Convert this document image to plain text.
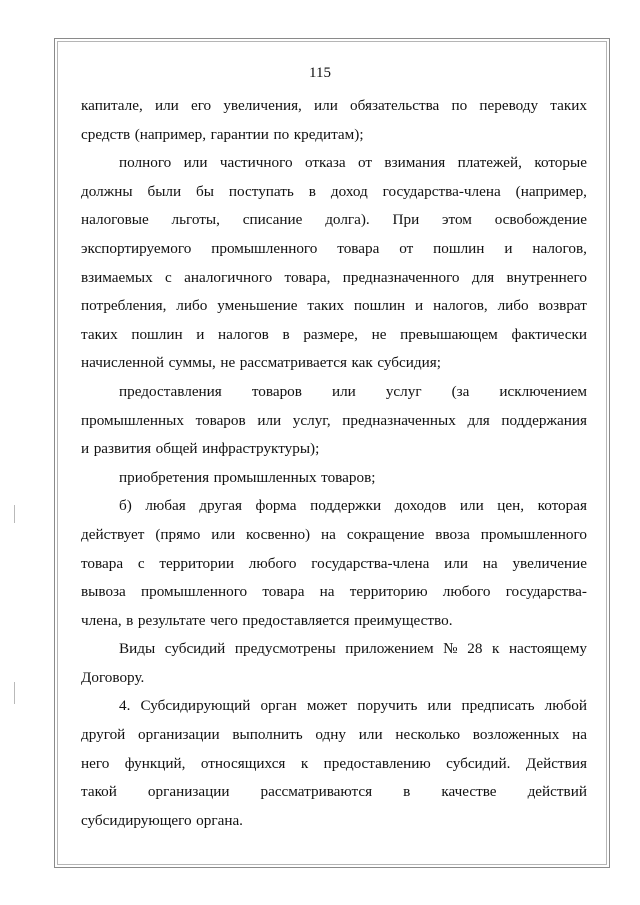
115
капитале, или его увеличения, или обязательства по переводу таких
средств (например, гарантии по кредитам);
полного или частичного отказа от взимания платежей, которые
должны были бы поступать в доход государства-члена (например,
налоговые льготы, списание долга). При этом освобождение
экспортируемого промышленного товара от пошлин и налогов,
взимаемых с аналогичного товара, предназначенного для внутреннего
потребления, либо уменьшение таких пошлин и налогов, либо возврат
таких пошлин и налогов в размере, не превышающем фактически
начисленной суммы, не рассматривается как субсидия;
предоставления товаров или услуг (за исключением
промышленных товаров или услуг, предназначенных для поддержания
и развития общей инфраструктуры);
приобретения промышленных товаров;
б) любая другая форма поддержки доходов или цен, которая
действует (прямо или косвенно) на сокращение ввоза промышленного
товара с территории любого государства-члена или на увеличение
вывоза промышленного товара на территорию любого государства-
члена, в результате чего предоставляется преимущество.
Виды субсидий предусмотрены приложением № 28 к настоящему
Договору.
4. Субсидирующий орган может поручить или предписать любой
другой организации выполнить одну или несколько возложенных на
него функций, относящихся к предоставлению субсидий. Действия
такой организации рассматриваются в качестве действий
субсидирующего органа.
